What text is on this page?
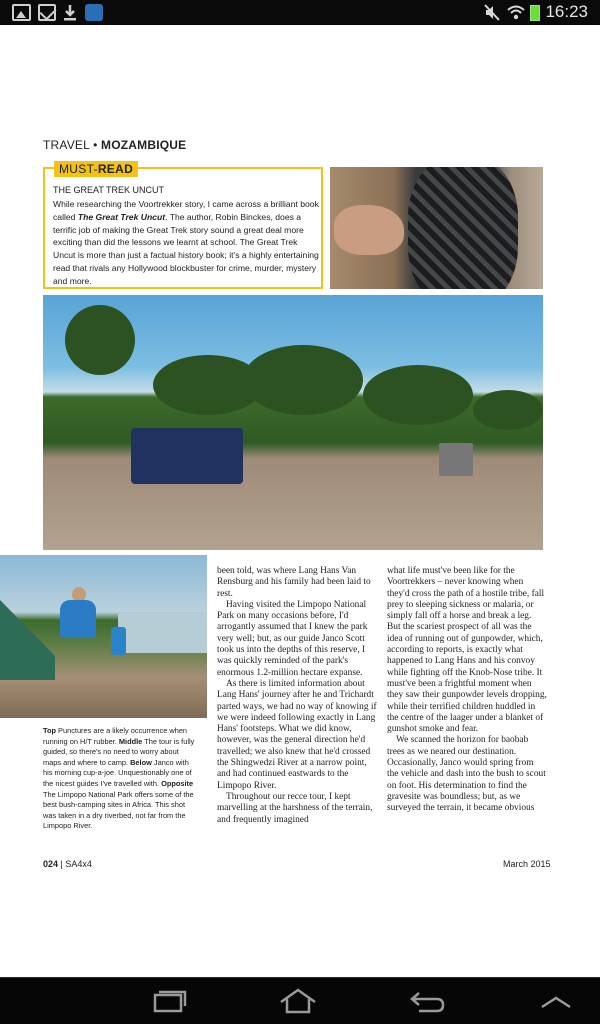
16:23
TRAVEL • MOZAMBIQUE
MUST-READ
THE GREAT TREK UNCUT
While researching the Voortrekker story, I came across a brilliant book called The Great Trek Uncut. The author, Robin Binckes, does a terrific job of making the Great Trek story sound a great deal more exciting than did the lessons we learnt at school. The Great Trek Uncut is more than just a factual history book; it's a highly entertaining read that rivals any Hollywood blockbuster for crime, murder, mystery and more.
Top Punctures are a likely occurrence when running on H/T rubber. Middle The tour is fully guided, so there's no need to worry about maps and where to camp. Below Janco with his morning cup-a-joe. Unquestionably one of the nicest guides I've travelled with. Opposite The Limpopo National Park offers some of the best bush-camping sites in Africa. This shot was taken in a dry riverbed, not far from the Limpopo River.

been told, was where Lang Hans Van Rensburg and his family had been laid to rest.

Having visited the Limpopo National Park on many occasions before, I'd arrogantly assumed that I knew the park very well; but, as our guide Janco Scott took us into the depths of this reserve, I was quickly reminded of the park's enormous 1.2-million hectare expanse.

As there is limited information about Lang Hans' journey after he and Trichardt parted ways, we had no way of knowing if we were indeed following exactly in Lang Hans' footsteps. What we did know, however, was the general direction he'd travelled; we also knew that he'd crossed the Shingwedzi River at a narrow point, and had continued eastwards to the Limpopo River.

Throughout our recce tour, I kept marvelling at the harshness of the terrain, and frequently imagined

what life must've been like for the Voortrekkers – never knowing when they'd cross the path of a hostile tribe, fall prey to sleeping sickness or malaria, or simply fall off a horse and break a leg. But the scariest prospect of all was the idea of running out of gunpowder, which, according to reports, is exactly what happened to Lang Hans and his convoy while fighting off the Knob-Nose tribe. It must've been a frightful moment when they saw their gunpowder levels dropping, while their terrified children huddled in the centre of the laager under a blanket of gunshot smoke and fear.

We scanned the horizon for baobab trees as we neared our destination. Occasionally, Janco would spring from the vehicle and dash into the bush to scout on foot. His determination to find the gravesite was boundless; but, as we surveyed the terrain, it became obvious

024 | SA4x4	March 2015
